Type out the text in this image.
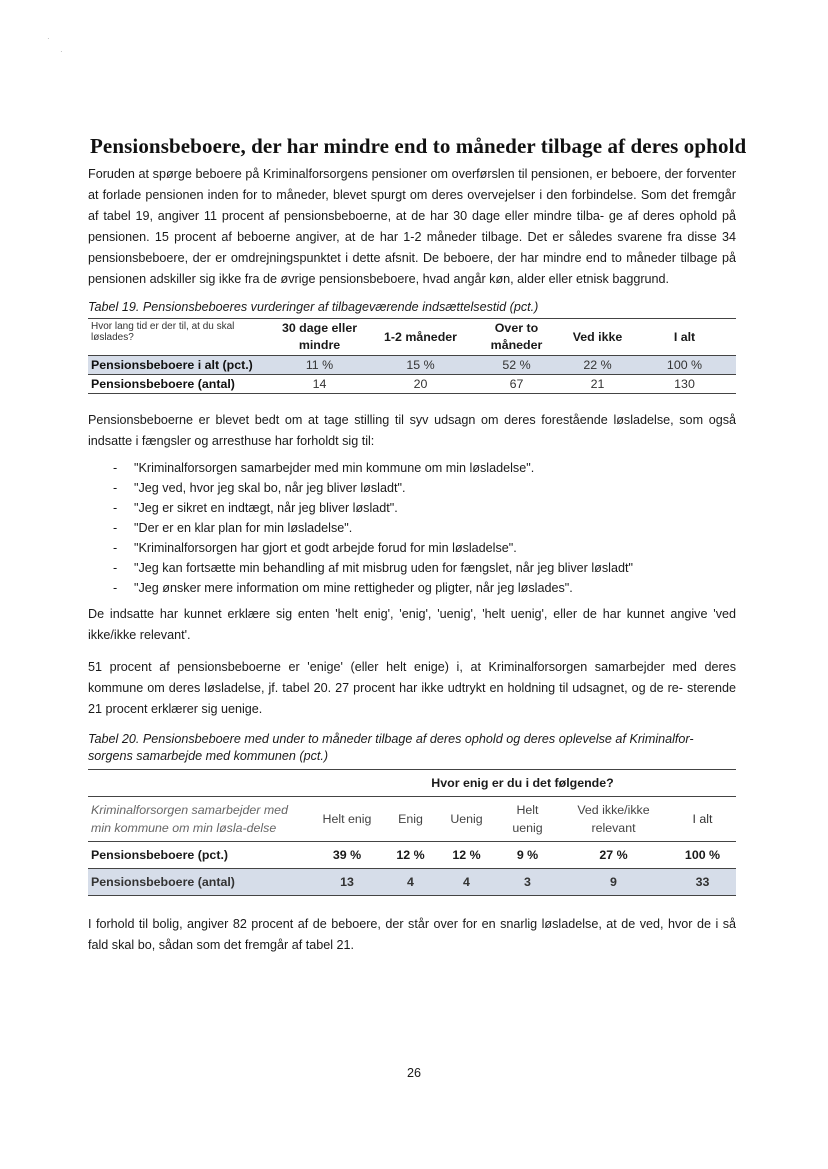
·
·
Pensionsbeboere, der har mindre end to måneder tilbage af deres ophold

Foruden at spørge beboere på Kriminalforsorgens pensioner om overførslen til pensionen, er beboere, der forventer at forlade pensionen inden for to måneder, blevet spurgt om deres overvejelser i den forbindelse. Som det fremgår af tabel 19, angiver 11 procent af pensionsbeboerne, at de har 30 dage eller mindre tilba- ge af deres ophold på pensionen. 15 procent af beboerne angiver, at de har 1-2 måneder tilbage. Det er således svarene fra disse 34 pensionsbeboere, der er omdrejningspunktet i dette afsnit. De beboere, der har mindre end to måneder tilbage på pensionen adskiller sig ikke fra de øvrige pensionsbeboere, hvad angår køn, alder eller etnisk baggrund.

Tabel 19. Pensionsbeboeres vurderinger af tilbageværende indsættelsestid (pct.)
Hvor lang tid er der til, at du skal løslades?	30 dage eller mindre	1-2 måneder	Over to måneder	Ved ikke	I alt
Pensionsbeboere i alt (pct.)	11 %	15 %	52 %	22 %	100 %
Pensionsbeboere (antal)	14	20	67	21	130

Pensionsbeboerne er blevet bedt om at tage stilling til syv udsagn om deres forestående løsladelse, som også indsatte i fængsler og arresthuse har forholdt sig til:

- "Kriminalforsorgen samarbejder med min kommune om min løsladelse".
- "Jeg ved, hvor jeg skal bo, når jeg bliver løsladt".
- "Jeg er sikret en indtægt, når jeg bliver løsladt".
- "Der er en klar plan for min løsladelse".
- "Kriminalforsorgen har gjort et godt arbejde forud for min løsladelse".
- "Jeg kan fortsætte min behandling af mit misbrug uden for fængslet, når jeg bliver løsladt"
- "Jeg ønsker mere information om mine rettigheder og pligter, når jeg løslades".

De indsatte har kunnet erklære sig enten 'helt enig', 'enig', 'uenig', 'helt uenig', eller de har kunnet angive 'ved ikke/ikke relevant'.

51 procent af pensionsbeboerne er 'enige' (eller helt enige) i, at Kriminalforsorgen samarbejder med deres kommune om deres løsladelse, jf. tabel 20. 27 procent har ikke udtrykt en holdning til udsagnet, og de re- sterende 21 procent erklærer sig uenige.

Tabel 20. Pensionsbeboere med under to måneder tilbage af deres ophold og deres oplevelse af Kriminalfor-
sorgens samarbejde med kommunen (pct.)
	Hvor enig er du i det følgende?					
Kriminalforsorgen samarbejder med min kommune om min løsla-delse	Helt enig	Enig	Uenig	Helt uenig	Ved ikke/ikke relevant	I alt
Pensionsbeboere (pct.)	39 %	12 %	12 %	9 %	27 %	100 %
Pensionsbeboere (antal)	13	4	4	3	9	33

I forhold til bolig, angiver 82 procent af de beboere, der står over for en snarlig løsladelse, at de ved, hvor de i så fald skal bo, sådan som det fremgår af tabel 21.

26
